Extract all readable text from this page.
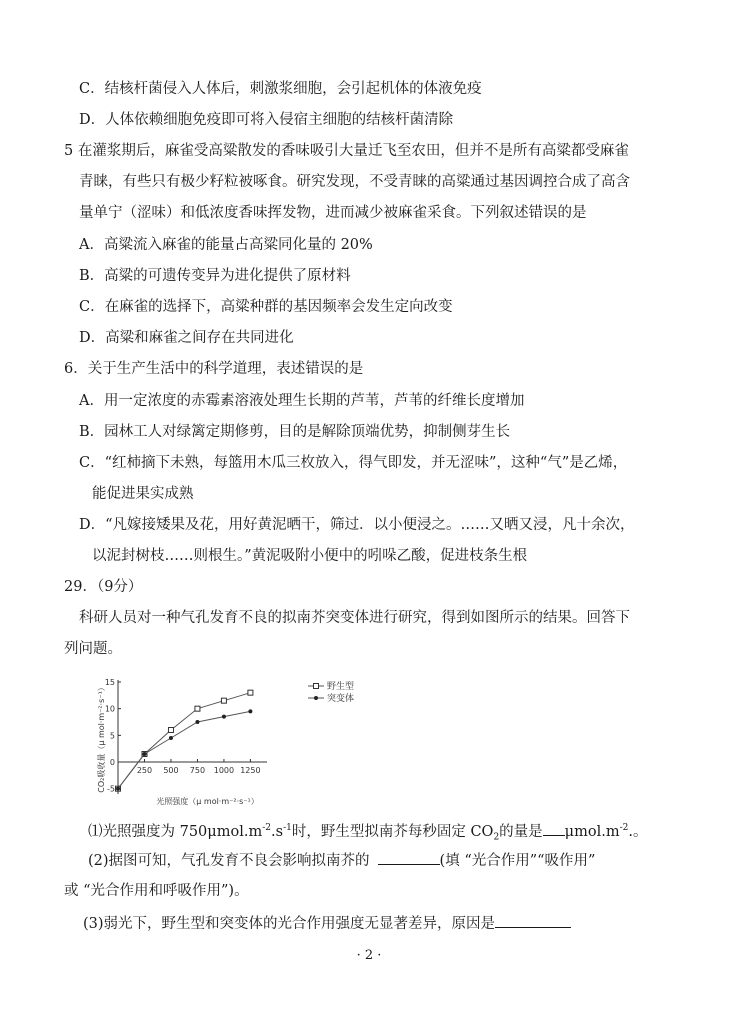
C．结核杆菌侵入人体后，刺激浆细胞，会引起机体的体液免疫
D．人体依赖细胞免疫即可将入侵宿主细胞的结核杆菌清除
5 在灌浆期后，麻雀受高粱散发的香味吸引大量迁飞至农田，但并不是所有高粱都受麻雀
青睐，有些只有极少籽粒被啄食。研究发现，不受青睐的高粱通过基因调控合成了高含
量单宁（涩味）和低浓度香味挥发物，进而减少被麻雀采食。下列叙述错误的是
A．高粱流入麻雀的能量占高粱同化量的 20%
B．高粱的可遗传变异为进化提供了原材料
C．在麻雀的选择下，高粱种群的基因频率会发生定向改变
D．高粱和麻雀之间存在共同进化
6．关于生产生活中的科学道理，表述错误的是
A．用一定浓度的赤霉素溶液处理生长期的芦苇，芦苇的纤维长度增加
B．园林工人对绿篱定期修剪，目的是解除顶端优势，抑制侧芽生长
C．“红柿摘下未熟，每篮用木瓜三枚放入，得气即发，并无涩味”，这种“气”是乙烯，
能促进果实成熟
D．“凡嫁接矮果及花，用好黄泥晒干，筛过．以小便浸之。……又晒又浸，凡十余次，
以泥封树枝……则根生。”黄泥吸附小便中的吲哚乙酸，促进枝条生根
29．（9分）
科研人员对一种气孔发育不良的拟南芥突变体进行研究，得到如图所示的结果。回答下
列问题。
-5
0
5
10
15
250 500 750 1000 1250
光照强度（μ mol·m⁻²·s⁻¹）
CO₂吸收量（μ mol·m⁻²·s⁻¹）	野生型
突变体
⑴光照强度为 $750\mu mol.m^{-2}.s^{-1}$时，野生型拟南芥每秒固定 $CO_2$的量是 $\mu mol.m^{-2}$.。
(2)据图可知，气孔发育不良会影响拟南芥的	(填 “光合作用”“吸作用”
或 “光合作用和呼吸作用”)。
(3)弱光下，野生型和突变体的光合作用强度无显著差异，原因是
· 2 ·
